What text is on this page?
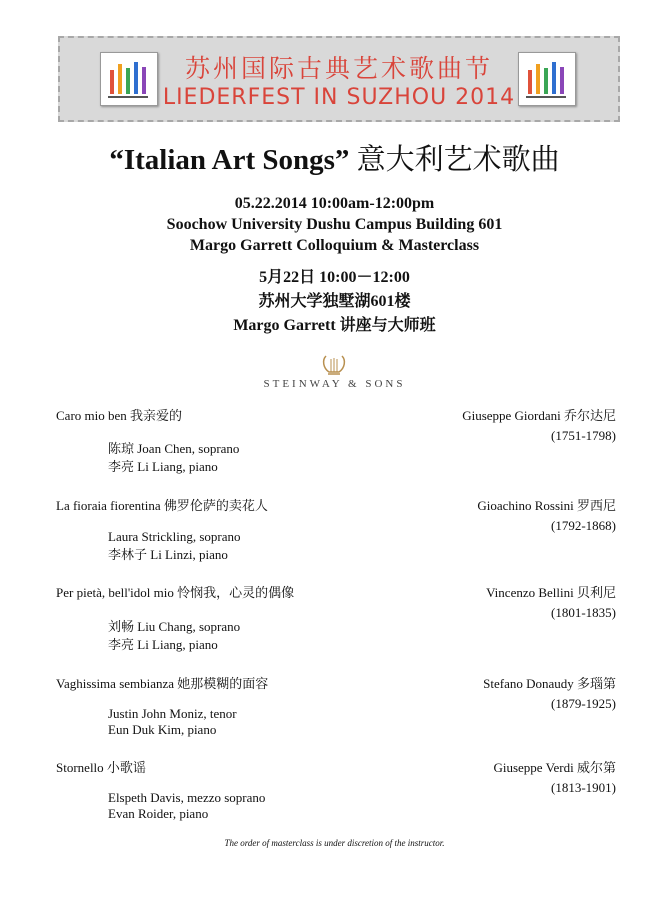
苏州国际古典艺术歌曲节
LIEDERFEST IN SUZHOU 2014
“Italian Art Songs” 意大利艺术歌曲
05.22.2014 10:00am-12:00pm
Soochow University Dushu Campus Building 601
Margo Garrett Colloquium & Masterclass
5月22日 10:00－12:00
苏州大学独墅湖601楼
Margo Garrett 讲座与大师班
STEINWAY & SONS
Caro mio ben 我亲爱的	Giuseppe Giordani 乔尔达尼
(1751-1798)
陈琼 Joan Chen, soprano
李亮 Li Liang, piano
La fioraia fiorentina 佛罗伦萨的卖花人	Gioachino Rossini 罗西尼
(1792-1868)
Laura Strickling, soprano
李林子 Li Linzi, piano
Per pietà, bell'idol mio 怜悯我，心灵的偶像	Vincenzo Bellini 贝利尼
(1801-1835)
刘畅 Liu Chang, soprano
李亮 Li Liang, piano
Vaghissima sembianza 她那模糊的面容	Stefano Donaudy 多瑙第
(1879-1925)
Justin John Moniz, tenor
Eun Duk Kim, piano
Stornello 小歌谣	Giuseppe Verdi 威尔第
(1813-1901)
Elspeth Davis, mezzo soprano
Evan Roider, piano
The order of masterclass is under discretion of the instructor.
